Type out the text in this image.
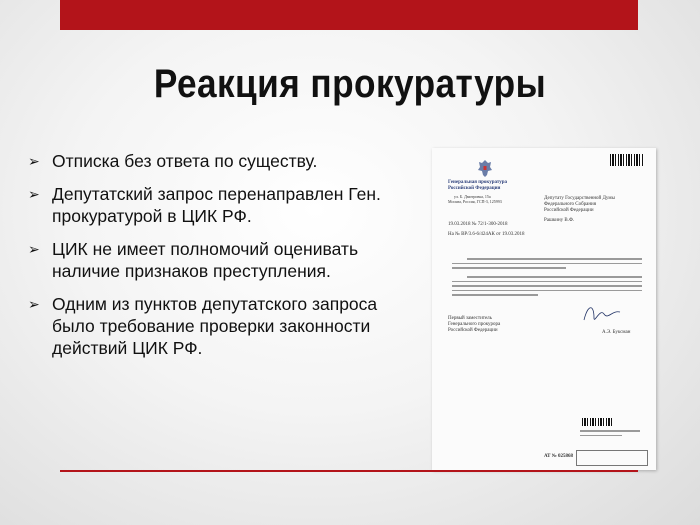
Реакция прокуратуры
➢ Отписка без ответа по существу.
➢ Депутатский запрос перенаправлен Ген. прокуратурой в ЦИК РФ.
➢ ЦИК не имеет полномочий оценивать наличие признаков преступления.
➢ Одним из пунктов депутатского запроса было требование проверки законности действий ЦИК РФ.
Генеральная прокуратура
Российской Федерации
ул. Б. Дмитровка, 15а
Москва, Россия, ГСП-3, 125993
19.03.2018 № 72/1-300-2018
На № ВР/3.6-6/424АК от 19.03.2018
Депутату Государственной Думы
Федерального Собрания
Российской Федерации
Рашкину В.Ф.
Первый заместитель
Генерального прокурора
Российской Федерации	А.Э. Буксман
АТ № 025868
